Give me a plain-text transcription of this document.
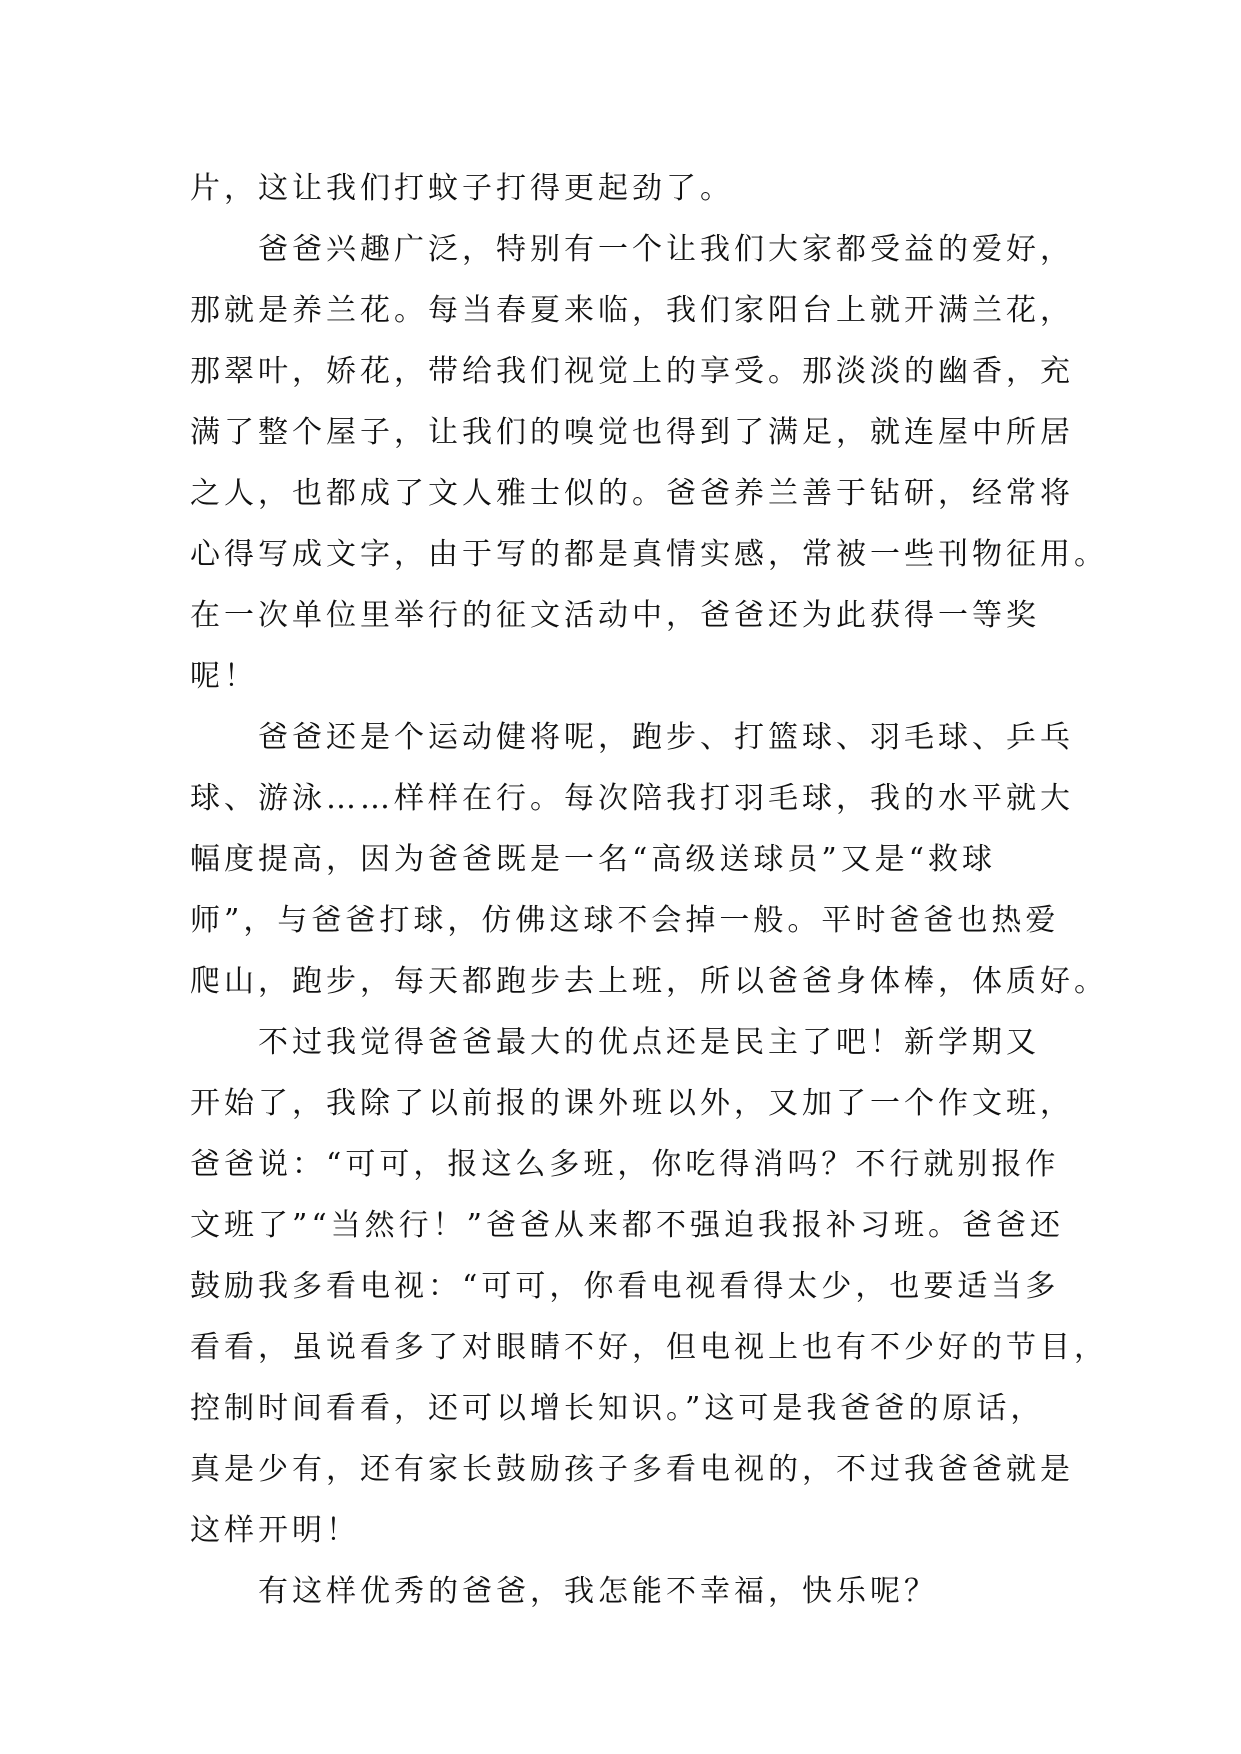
片，这让我们打蚊子打得更起劲了。

爸爸兴趣广泛，特别有一个让我们大家都受益的爱好，
那就是养兰花。每当春夏来临，我们家阳台上就开满兰花，
那翠叶，娇花，带给我们视觉上的享受。那淡淡的幽香，充
满了整个屋子，让我们的嗅觉也得到了满足，就连屋中所居
之人，也都成了文人雅士似的。爸爸养兰善于钻研，经常将
心得写成文字，由于写的都是真情实感，常被一些刊物征用。
在一次单位里举行的征文活动中，爸爸还为此获得一等奖
呢！

爸爸还是个运动健将呢，跑步、打篮球、羽毛球、乒乓
球、游泳……样样在行。每次陪我打羽毛球，我的水平就大
幅度提高，因为爸爸既是一名“高级送球员”又是“救球
师”，与爸爸打球，仿佛这球不会掉一般。平时爸爸也热爱
爬山，跑步，每天都跑步去上班，所以爸爸身体棒，体质好。

不过我觉得爸爸最大的优点还是民主了吧！新学期又
开始了，我除了以前报的课外班以外，又加了一个作文班，
爸爸说：“可可，报这么多班，你吃得消吗？不行就别报作
文班了”“当然行！”爸爸从来都不强迫我报补习班。爸爸还
鼓励我多看电视：“可可，你看电视看得太少，也要适当多
看看，虽说看多了对眼睛不好，但电视上也有不少好的节目，
控制时间看看，还可以增长知识。”这可是我爸爸的原话，
真是少有，还有家长鼓励孩子多看电视的，不过我爸爸就是
这样开明！

有这样优秀的爸爸，我怎能不幸福，快乐呢？
